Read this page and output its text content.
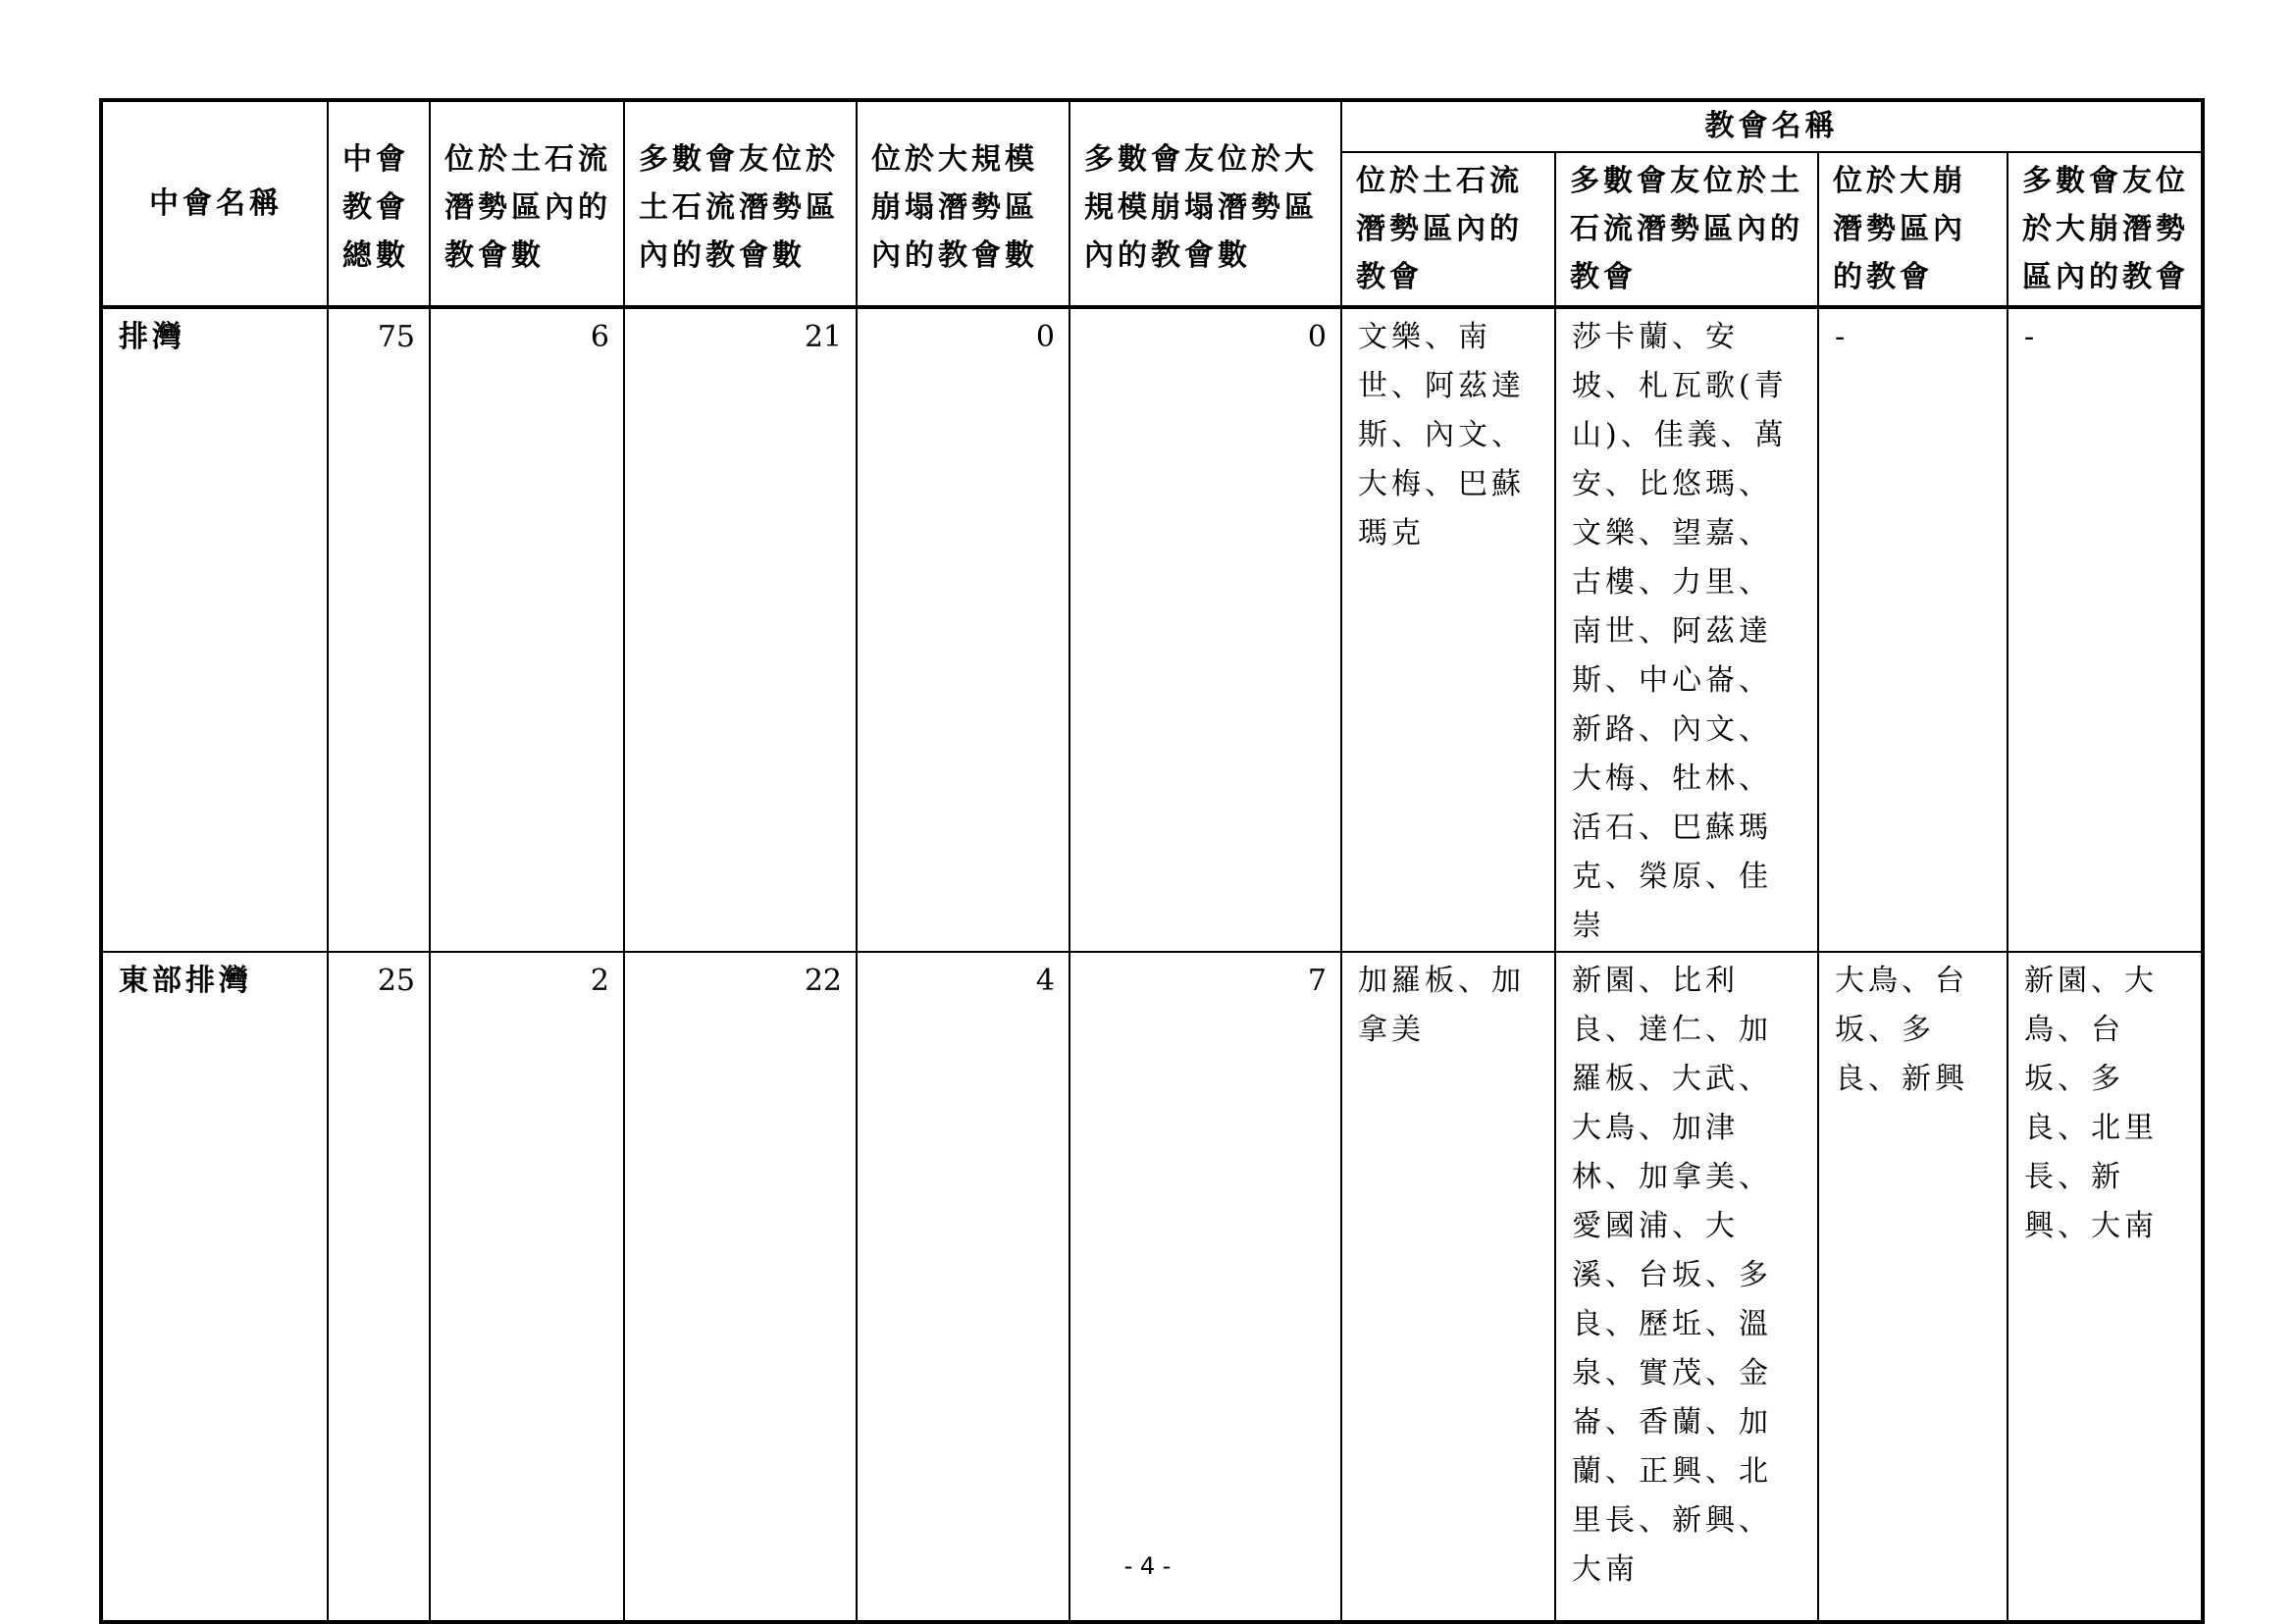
中會名稱	中會教會總數	位於土石流潛勢區內的教會數	多數會友位於土石流潛勢區內的教會數	位於大規模崩塌潛勢區內的教會數	多數會友位於大規模崩塌潛勢區內的教會數	教會名稱			
						位於土石流潛勢區內的教會	多數會友位於土石流潛勢區內的教會	位於大崩潛勢區內的教會	多數會友位於大崩潛勢區內的教會
排灣	75	6	21	0	0	文樂、南世、阿茲達斯、內文、大梅、巴蘇瑪克	莎卡蘭、安坡、札瓦歌(青山)、佳義、萬安、比悠瑪、文樂、望嘉、古樓、力里、南世、阿茲達斯、中心崙、新路、內文、大梅、牡林、活石、巴蘇瑪克、榮原、佳崇	-	-
東部排灣	25	2	22	4	7	加羅板、加拿美	新園、比利良、達仁、加羅板、大武、大鳥、加津林、加拿美、愛國浦、大溪、台坂、多良、歷坵、溫泉、實茂、金崙、香蘭、加蘭、正興、北里長、新興、大南	大鳥、台坂、多良、新興	新園、大鳥、台坂、多良、北里長、新興、大南
- 4 -
